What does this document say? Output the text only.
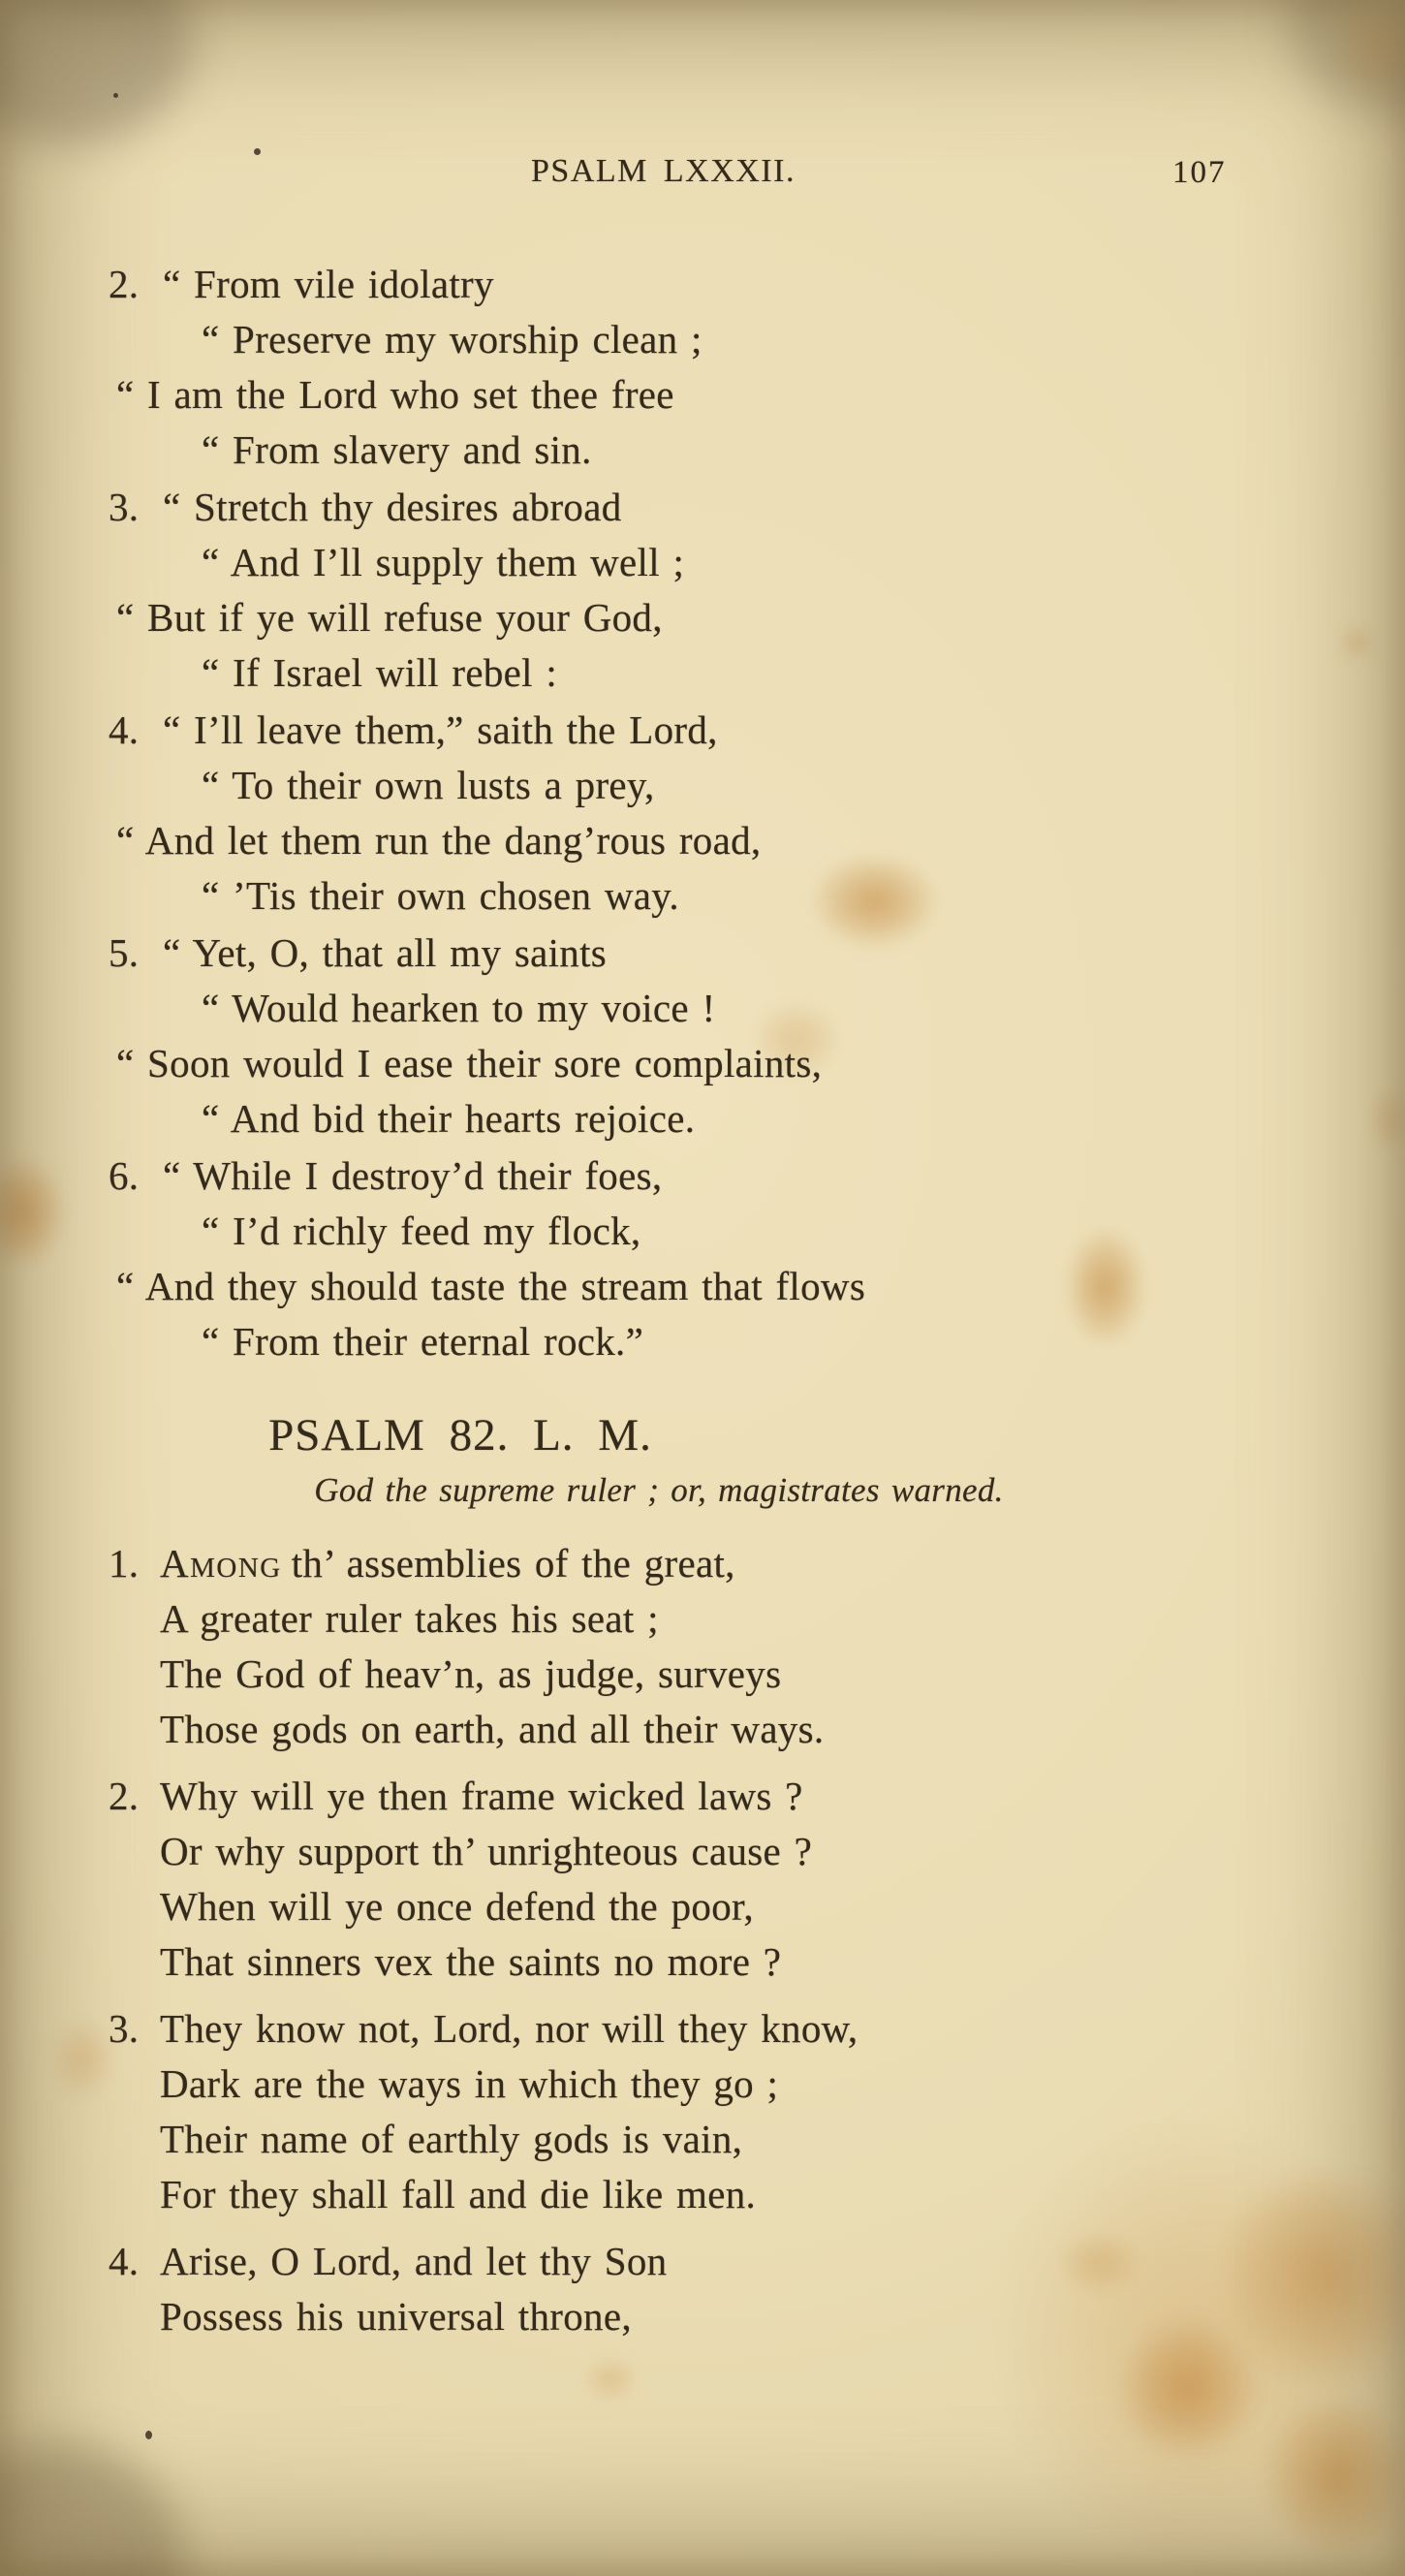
PSALM LXXXII.	107
2. “ From vile idolatry
“ Preserve my worship clean ;
“ I am the Lord who set thee free
“ From slavery and sin.
3. “ Stretch thy desires abroad
“ And I’ll supply them well ;
“ But if ye will refuse your God,
“ If Israel will rebel :
4. “ I’ll leave them,” saith the Lord,
“ To their own lusts a prey,
“ And let them run the dang’rous road,
“ ’Tis their own chosen way.
5. “ Yet, O, that all my saints
“ Would hearken to my voice !
“ Soon would I ease their sore complaints,
“ And bid their hearts rejoice.
6. “ While I destroy’d their foes,
“ I’d richly feed my flock,
“ And they should taste the stream that flows
“ From their eternal rock.”
PSALM 82. L. M.
God the supreme ruler ; or, magistrates warned.
1. Among th’ assemblies of the great,
A greater ruler takes his seat ;
The God of heav’n, as judge, surveys
Those gods on earth, and all their ways.
2. Why will ye then frame wicked laws ?
Or why support th’ unrighteous cause ?
When will ye once defend the poor,
That sinners vex the saints no more ?
3. They know not, Lord, nor will they know,
Dark are the ways in which they go ;
Their name of earthly gods is vain,
For they shall fall and die like men.
4. Arise, O Lord, and let thy Son
Possess his universal throne,
